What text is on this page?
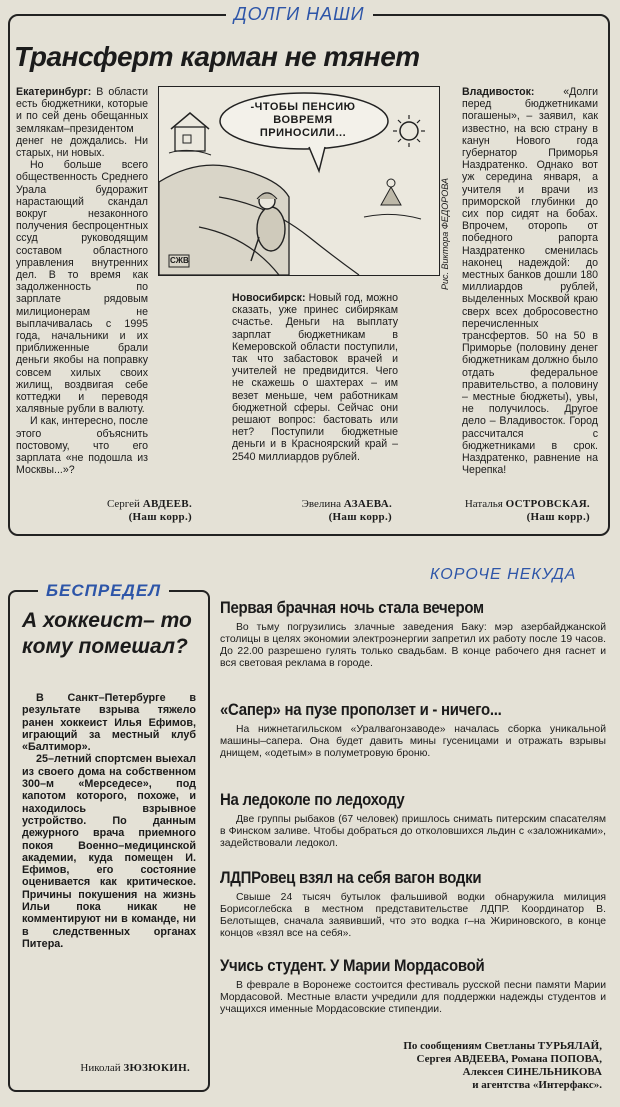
ДОЛГИ НАШИ
Трансферт карман не тянет
-ЧТОБЫ ПЕНСИЮ ВОВРЕМЯ ПРИНОСИЛИ...
СЖВ	Рис. Виктора ФЕДОРОВА

Екатеринбург: В области есть бюджетники, которые и по сей день обещанных землякам–президентом денег не дождались. Ни старых, ни новых.

Но больше всего общественность Среднего Урала будоражит нарастающий скандал вокруг незаконного получения беспроцентных ссуд руководящим составом областного управления внутренних дел. В то время как задолженность по зарплате рядовым милиционерам не выплачивалась с 1995 года, начальники и их приближенные брали деньги якобы на поправку совсем хилых своих жилищ, воздвигая себе коттеджи и переводя халявные рубли в валюту.

И как, интересно, после этого объяснить постовому, что его зарплата «не подошла из Москвы...»?

Новосибирск: Новый год, можно сказать, уже принес сибирякам счастье. Деньги на выплату зарплат бюджетникам в Кемеровской области поступили, так что забастовок врачей и учителей не предвидится. Чего не скажешь о шахтерах – им везет меньше, чем работникам бюджетной сферы. Сейчас они решают вопрос: бастовать или нет? Поступили бюджетные деньги и в Красноярский край – 2540 миллиардов рублей.

Владивосток:	«Долги перед бюджетниками погашены», – заявил, как известно, на всю страну в канун Нового года губернатор Приморья Наздратенко. Однако вот уж середина января, а учителя и врачи из приморской глубинки до сих пор сидят на бобах. Впрочем, оторопь от победного рапорта Наздратенко сменилась наконец надеждой: до местных банков дошли 180 миллиардов рублей, выделенных Москвой краю сверх всех добросовестно перечисленных трансфертов. 50 на 50 в Приморье (половину денег бюджетникам должно было отдать федеральное правительство, а половину – местные бюджеты), увы, не получилось. Другое дело – Владивосток. Город рассчитался с бюджетниками в срок. Наздратенко, равнение на Черепка!

Сергей АВДЕЕВ.
(Наш корр.)
Эвелина АЗАЕВА.
(Наш корр.)
Наталья ОСТРОВСКАЯ.
(Наш корр.)
БЕСПРЕДЕЛ
А хоккеист– то кому помешал?

В Санкт–Петербурге в результате взрыва тяжело ранен хоккеист Илья Ефимов, играющий за местный клуб «Балтимор».

25–летний спортсмен выехал из своего дома на собственном 300–м «Мерседесе», под капотом которого, похоже, и находилось взрывное устройство. По данным дежурного врача приемного покоя Военно–медицинской академии, куда помещен И. Ефимов, его состояние оценивается как критическое. Причины покушения на жизнь Ильи пока никак не комментируют ни в команде, ни в следственных органах Питера.

Николай ЗЮЗЮКИН.
КОРОЧЕ НЕКУДА
Первая брачная ночь стала вечером

Во тьму погрузились злачные заведения Баку: мэр азербайджанской столицы в целях экономии электроэнергии запретил их работу после 19 часов. До 22.00 разрешено гулять только свадьбам. В конце рабочего дня гаснет и вся световая реклама в городе.

«Сапер» на пузе проползет и - ничего...

На нижнетагильском «Уралвагонзаводе» началась сборка уникальной машины–сапера. Она будет давить мины гусеницами и отражать взрывы днищем, «одетым» в полуметровую броню.

На ледоколе по ледоходу

Две группы рыбаков (67 человек) пришлось снимать питерским спасателям в Финском заливе. Чтобы добраться до отколовшихся льдин с «заложниками», задействовали ледокол.

ЛДПРовец взял на себя вагон водки

Свыше 24 тысяч бутылок фальшивой водки обнаружила милиция Борисоглебска в местном представительстве ЛДПР. Координатор В. Белотыщев, сначала заявивший, что это водка г–на Жириновского, в конце концов «взял все на себя».

Учись студент. У Марии Мордасовой

В феврале в Воронеже состоится фестиваль русской песни памяти Марии Мордасовой. Местные власти учредили для поддержки надежды студентов и учащихся именные Мордасовские стипендии.

По сообщениям Светланы ТУРЬЯЛАЙ,
Сергея АВДЕЕВА, Романа ПОПОВА,
Алексея СИНЕЛЬНИКОВА
и агентства «Интерфакс».
